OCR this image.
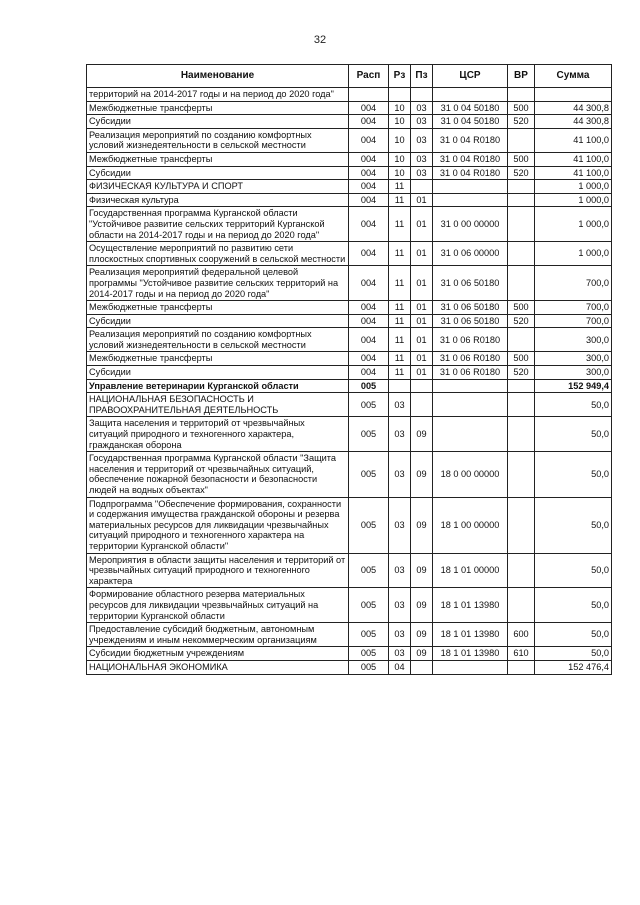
32
Наименование	Расп	Рз	Пз	ЦСР	ВР	Сумма
территорий на 2014-2017 годы и на период до 2020 года"						
Межбюджетные трансферты	004	10	03	31 0 04 50180	500	44 300,8
Субсидии	004	10	03	31 0 04 50180	520	44 300,8
Реализация мероприятий по созданию комфортных условий жизнедеятельности в сельской местности	004	10	03	31 0 04 R0180		41 100,0
Межбюджетные трансферты	004	10	03	31 0 04 R0180	500	41 100,0
Субсидии	004	10	03	31 0 04 R0180	520	41 100,0
ФИЗИЧЕСКАЯ КУЛЬТУРА И СПОРТ	004	11				1 000,0
Физическая культура	004	11	01			1 000,0
Государственная программа Курганской области "Устойчивое развитие сельских территорий Курганской области на 2014-2017 годы и на период до 2020 года"	004	11	01	31 0 00 00000		1 000,0
Осуществление мероприятий по развитию сети плоскостных спортивных сооружений в сельской местности	004	11	01	31 0 06 00000		1 000,0
Реализация мероприятий федеральной целевой программы "Устойчивое развитие сельских территорий на 2014-2017 годы и на период до 2020 года"	004	11	01	31 0 06 50180		700,0
Межбюджетные трансферты	004	11	01	31 0 06 50180	500	700,0
Субсидии	004	11	01	31 0 06 50180	520	700,0
Реализация мероприятий по созданию комфортных условий жизнедеятельности в сельской местности	004	11	01	31 0 06 R0180		300,0
Межбюджетные трансферты	004	11	01	31 0 06 R0180	500	300,0
Субсидии	004	11	01	31 0 06 R0180	520	300,0
Управление ветеринарии Курганской области	005					152 949,4
НАЦИОНАЛЬНАЯ БЕЗОПАСНОСТЬ И ПРАВООХРАНИТЕЛЬНАЯ ДЕЯТЕЛЬНОСТЬ	005	03				50,0
Защита населения и территорий от чрезвычайных ситуаций природного и техногенного характера, гражданская оборона	005	03	09			50,0
Государственная программа Курганской области "Защита населения и территорий от чрезвычайных ситуаций, обеспечение пожарной безопасности и безопасности людей на водных объектах"	005	03	09	18 0 00 00000		50,0
Подпрограмма "Обеспечение формирования, сохранности и содержания имущества гражданской обороны и резерва материальных ресурсов для ликвидации чрезвычайных ситуаций природного и техногенного характера на территории Курганской области"	005	03	09	18 1 00 00000		50,0
Мероприятия в области защиты населения и территорий от чрезвычайных ситуаций природного и техногенного характера	005	03	09	18 1 01 00000		50,0
Формирование областного резерва материальных ресурсов для ликвидации чрезвычайных ситуаций на территории Курганской области	005	03	09	18 1 01 13980		50,0
Предоставление субсидий бюджетным, автономным учреждениям и иным некоммерческим организациям	005	03	09	18 1 01 13980	600	50,0
Субсидии бюджетным учреждениям	005	03	09	18 1 01 13980	610	50,0
НАЦИОНАЛЬНАЯ ЭКОНОМИКА	005	04				152 476,4
